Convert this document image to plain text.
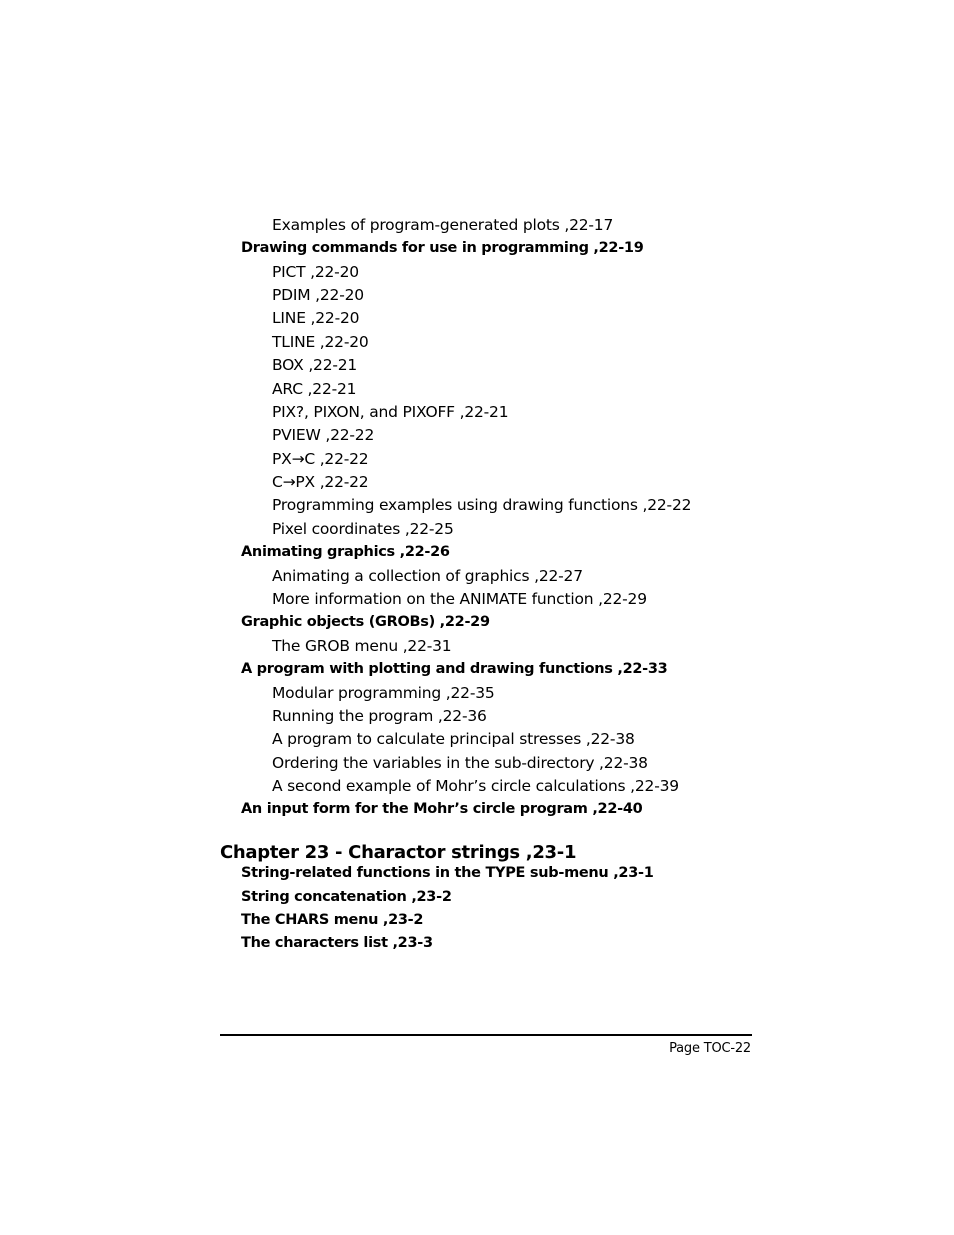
Examples of program-generated plots ,22-17
Drawing commands for use in programming ,22-19
PICT ,22-20
PDIM ,22-20
LINE ,22-20
TLINE ,22-20
BOX ,22-21
ARC ,22-21
PIX?, PIXON, and PIXOFF ,22-21
PVIEW ,22-22
PX→C ,22-22
C→PX ,22-22
Programming examples using drawing functions ,22-22
Pixel coordinates ,22-25
Animating graphics ,22-26
Animating a collection of graphics ,22-27
More information on the ANIMATE function ,22-29
Graphic objects (GROBs) ,22-29
The GROB menu ,22-31
A program with plotting and drawing functions ,22-33
Modular programming ,22-35
Running the program ,22-36
A program to calculate principal stresses ,22-38
Ordering the variables in the sub-directory ,22-38
A second example of Mohr’s circle calculations ,22-39
An input form for the Mohr’s circle program ,22-40
Chapter 23 - Charactor strings ,23-1
String-related functions in the TYPE sub-menu ,23-1
String concatenation ,23-2
The CHARS menu ,23-2
The characters list ,23-3
Page TOC-22
